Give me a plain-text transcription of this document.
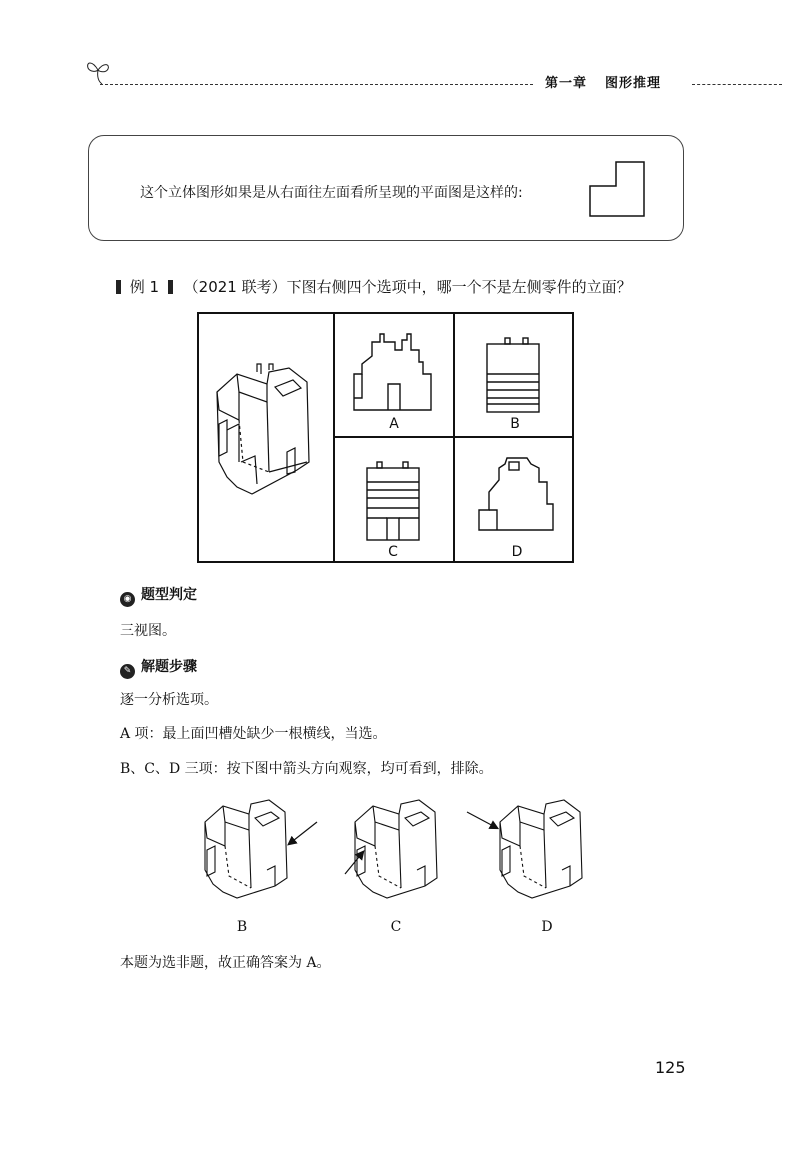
第一章 图形推理
这个立体图形如果是从右面往左面看所呈现的平面图是这样的:
例 1 （2021 联考）下图右侧四个选项中，哪一个不是左侧零件的立面？
A	B
C	D
◉ 题型判定
三视图。
✎ 解题步骤
逐一分析选项。
A 项：最上面凹槽处缺少一根横线，当选。
B、C、D 三项：按下图中箭头方向观察，均可看到，排除。
B	C	D
本题为选非题，故正确答案为 A。
125
